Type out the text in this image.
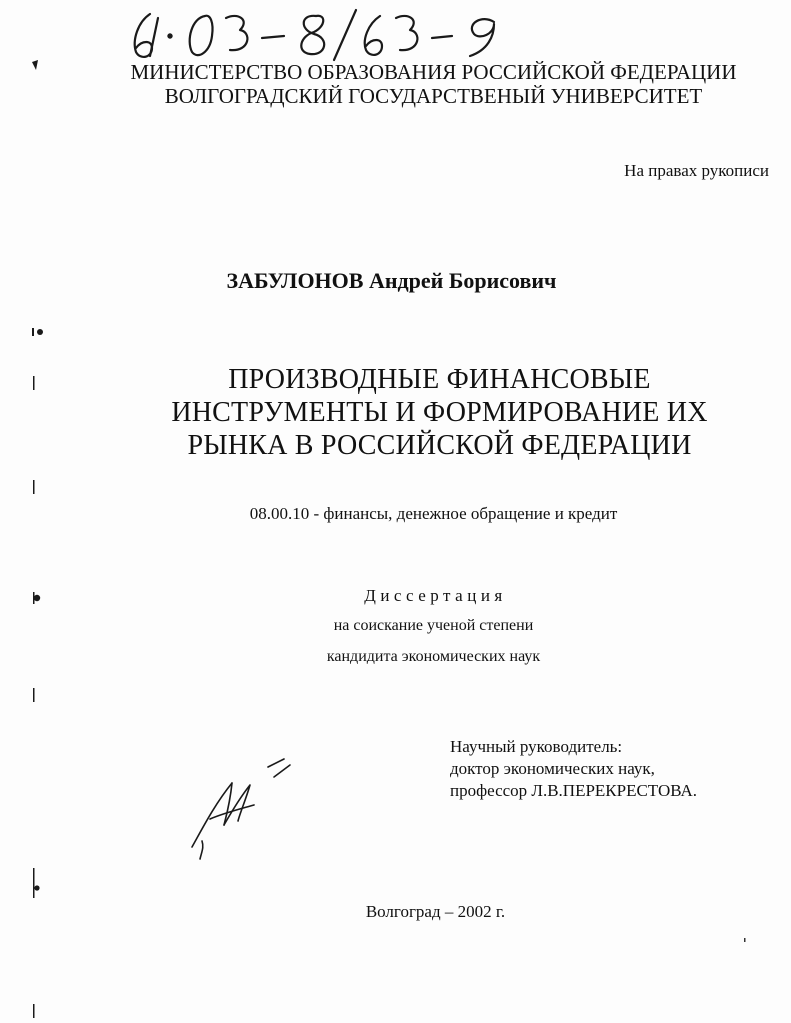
МИНИСТЕРСТВО ОБРАЗОВАНИЯ РОССИЙСКОЙ ФЕДЕРАЦИИ
ВОЛГОГРАДСКИЙ ГОСУДАРСТВЕНЫЙ УНИВЕРСИТЕТ
На правах рукописи
ЗАБУЛОНОВ Андрей Борисович
ПРОИЗВОДНЫЕ ФИНАНСОВЫЕ
ИНСТРУМЕНТЫ И ФОРМИРОВАНИЕ ИХ
РЫНКА В РОССИЙСКОЙ ФЕДЕРАЦИИ
08.00.10 - финансы, денежное обращение и кредит
Диссертация
на соискание ученой степени
кандидита экономических наук
Научный руководитель:
доктор экономических наук,
профессор Л.В.ПЕРЕКРЕСТОВА.
Волгоград – 2002 г.
